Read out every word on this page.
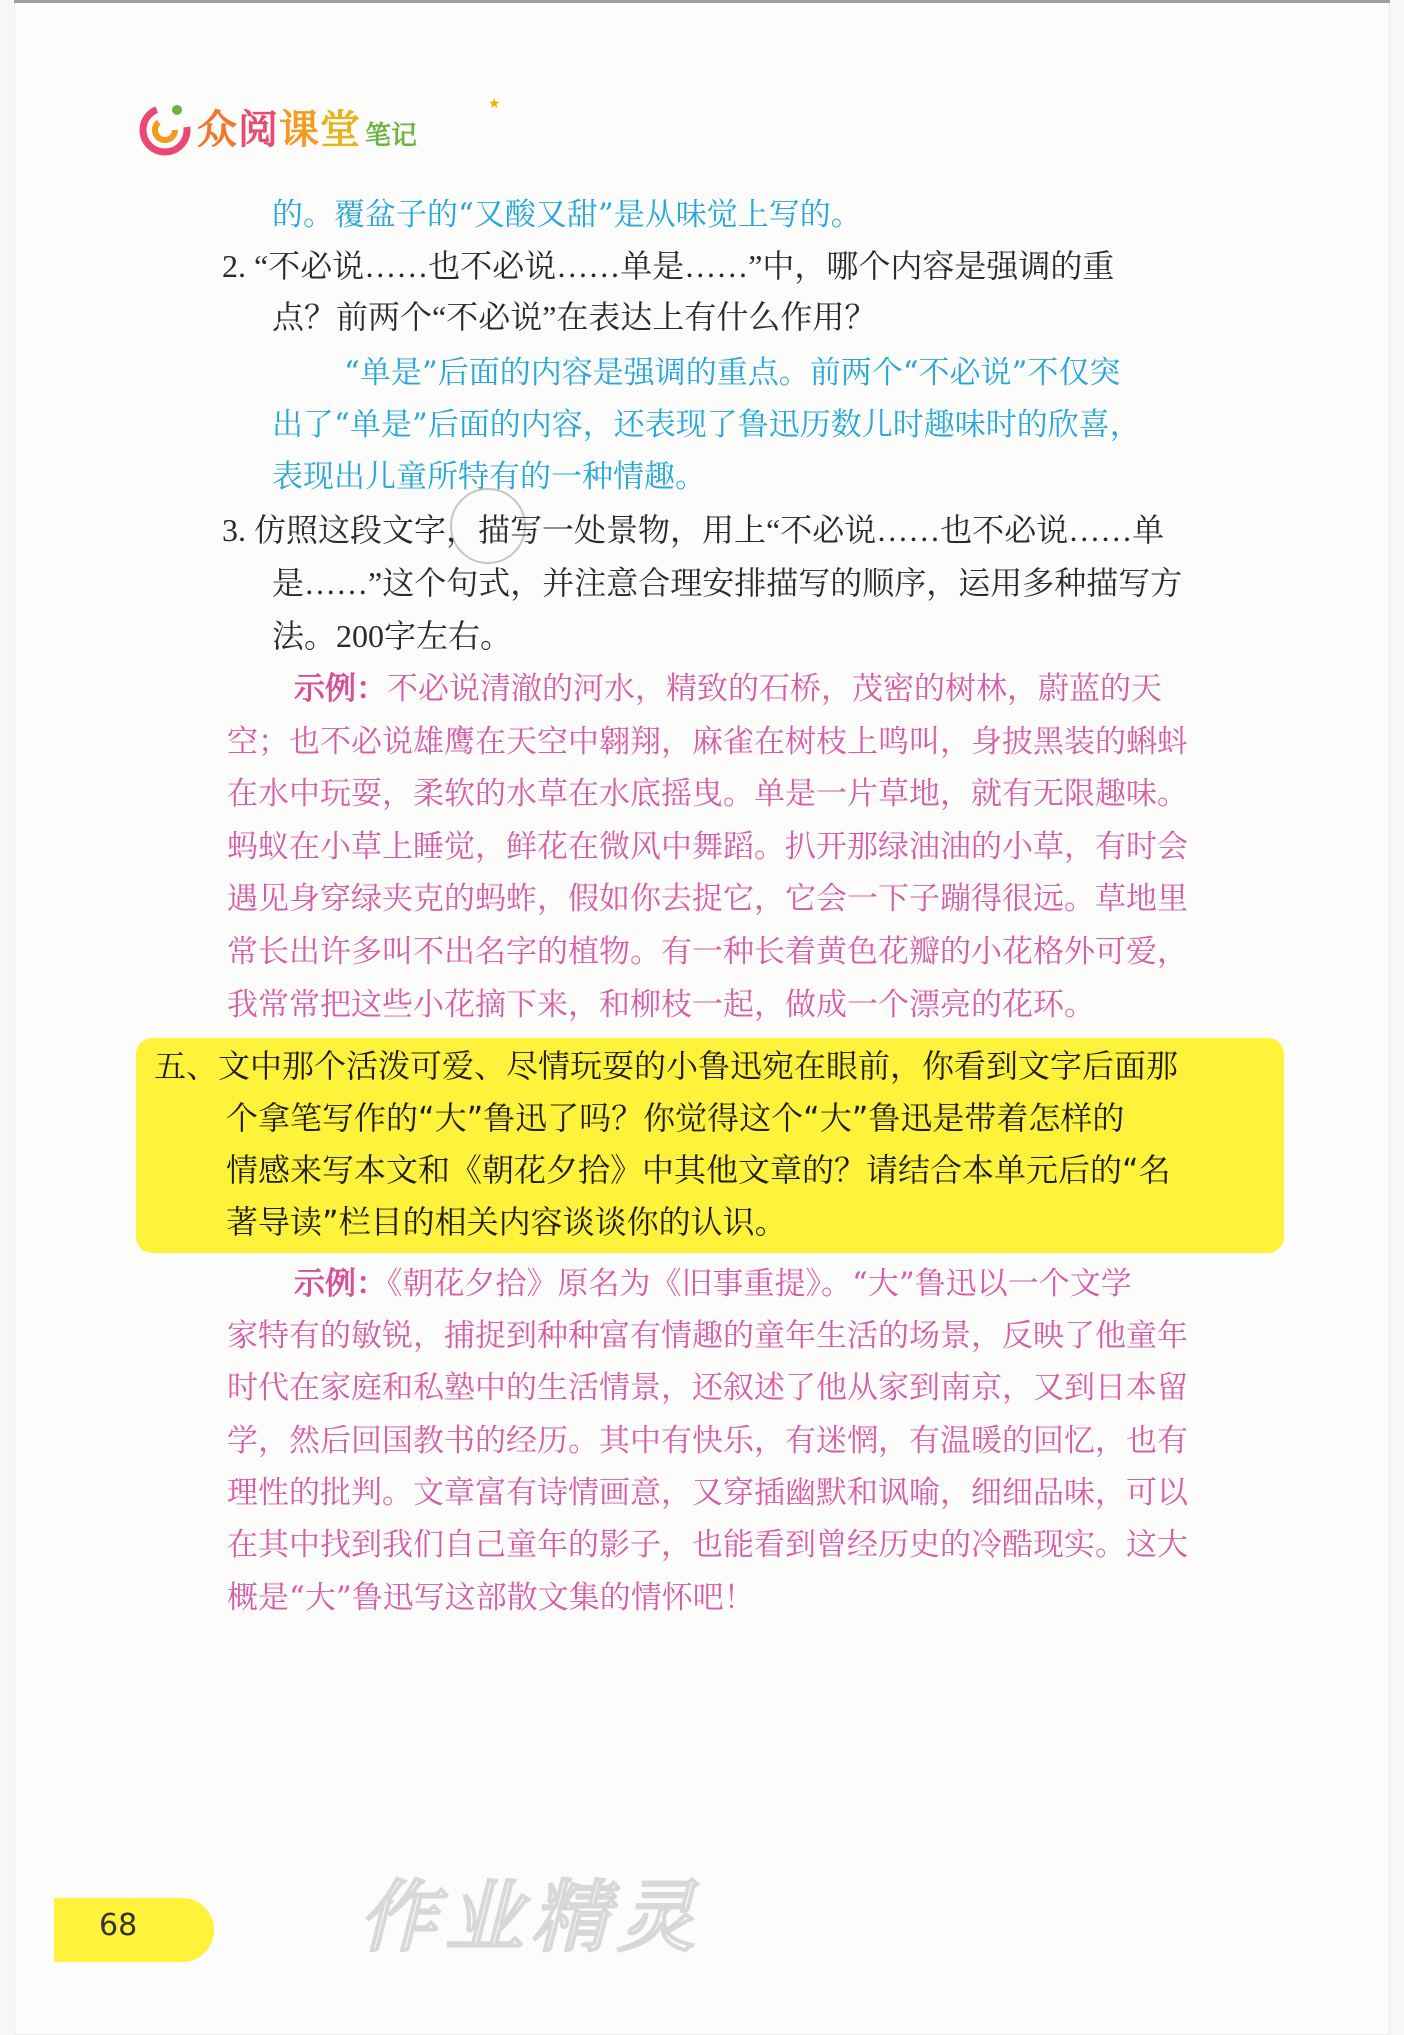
众阅课堂 笔记
★
的。覆盆子的“又酸又甜”是从味觉上写的。
2. “不必说……也不必说……单是……”中，哪个内容是强调的重
点？前两个“不必说”在表达上有什么作用？
“单是”后面的内容是强调的重点。前两个“不必说”不仅突
出了“单是”后面的内容，还表现了鲁迅历数儿时趣味时的欣喜，
表现出儿童所特有的一种情趣。
3. 仿照这段文字，描写一处景物，用上“不必说……也不必说……单
是……”这个句式，并注意合理安排描写的顺序，运用多种描写方
法。200字左右。
示例：不必说清澈的河水，精致的石桥，茂密的树林，蔚蓝的天
空；也不必说雄鹰在天空中翱翔，麻雀在树枝上鸣叫，身披黑装的蝌蚪
在水中玩耍，柔软的水草在水底摇曳。单是一片草地，就有无限趣味。
蚂蚁在小草上睡觉，鲜花在微风中舞蹈。扒开那绿油油的小草，有时会
遇见身穿绿夹克的蚂蚱，假如你去捉它，它会一下子蹦得很远。草地里
常长出许多叫不出名字的植物。有一种长着黄色花瓣的小花格外可爱，
我常常把这些小花摘下来，和柳枝一起，做成一个漂亮的花环。
五、文中那个活泼可爱、尽情玩耍的小鲁迅宛在眼前，你看到文字后面那
个拿笔写作的“大”鲁迅了吗？你觉得这个“大”鲁迅是带着怎样的
情感来写本文和《朝花夕拾》中其他文章的？请结合本单元后的“名
著导读”栏目的相关内容谈谈你的认识。
示例：《朝花夕拾》原名为《旧事重提》。“大”鲁迅以一个文学
家特有的敏锐，捕捉到种种富有情趣的童年生活的场景，反映了他童年
时代在家庭和私塾中的生活情景，还叙述了他从家到南京，又到日本留
学，然后回国教书的经历。其中有快乐，有迷惘，有温暖的回忆，也有
理性的批判。文章富有诗情画意，又穿插幽默和讽喻，细细品味，可以
在其中找到我们自己童年的影子，也能看到曾经历史的冷酷现实。这大
概是“大”鲁迅写这部散文集的情怀吧！
68	作业精灵
